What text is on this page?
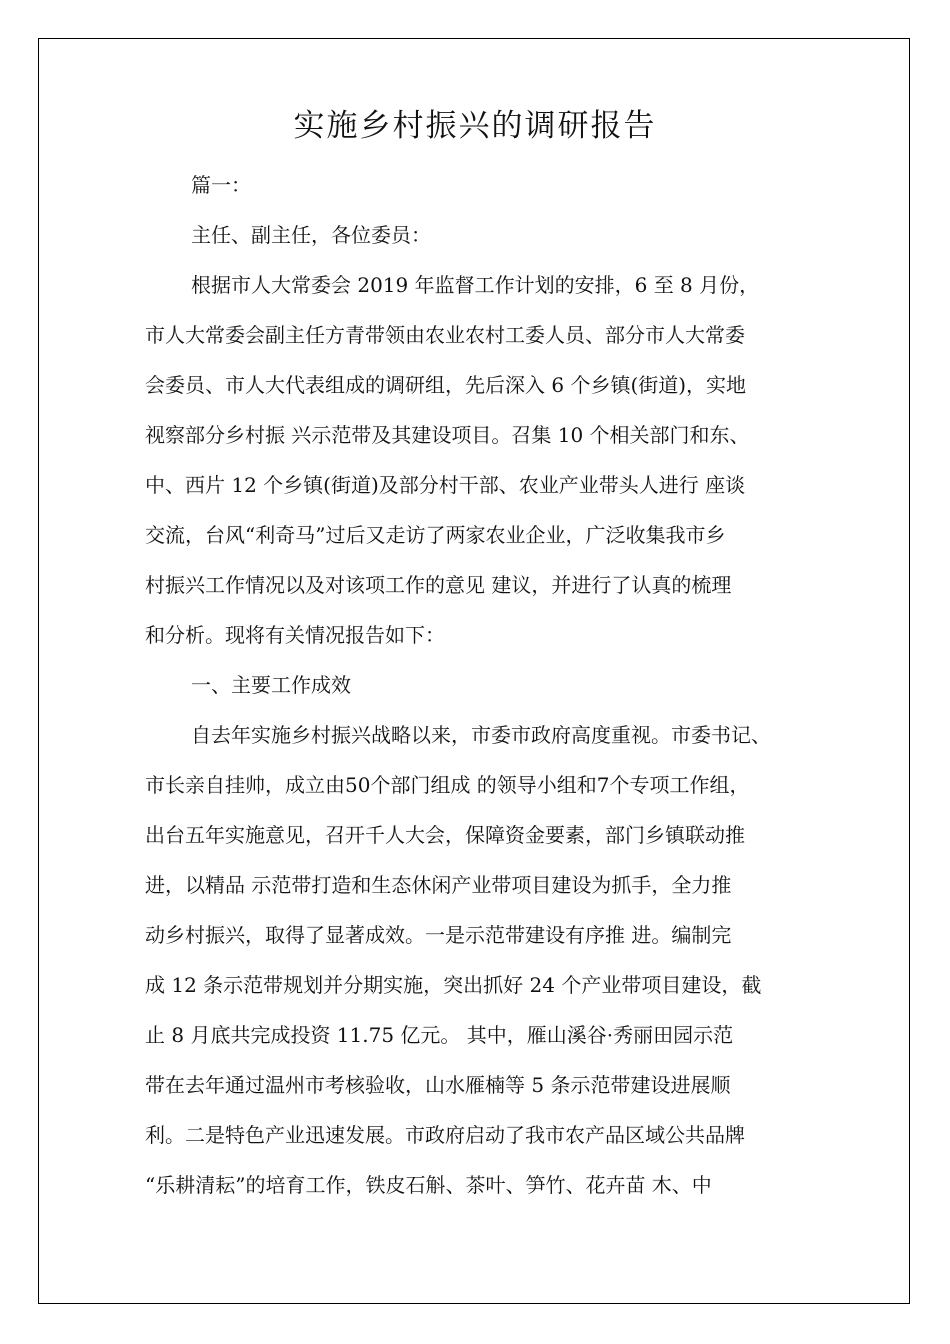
实施乡村振兴的调研报告
篇一：
主任、副主任，各位委员：
根据市人大常委会 2019 年监督工作计划的安排，6 至 8 月份，
市人大常委会副主任方青带领由农业农村工委人员、部分市人大常委
会委员、市人大代表组成的调研组，先后深入 6 个乡镇(街道)，实地
视察部分乡村振 兴示范带及其建设项目。召集 10 个相关部门和东、
中、西片 12 个乡镇(街道)及部分村干部、农业产业带头人进行 座谈
交流，台风“利奇马”过后又走访了两家农业企业，广泛收集我市乡
村振兴工作情况以及对该项工作的意见 建议，并进行了认真的梳理
和分析。现将有关情况报告如下：
一、主要工作成效
自去年实施乡村振兴战略以来，市委市政府高度重视。市委书记、
市长亲自挂帅，成立由50个部门组成 的领导小组和7个专项工作组，
出台五年实施意见，召开千人大会，保障资金要素，部门乡镇联动推
进，以精品 示范带打造和生态休闲产业带项目建设为抓手，全力推
动乡村振兴，取得了显著成效。一是示范带建设有序推 进。编制完
成 12 条示范带规划并分期实施，突出抓好 24 个产业带项目建设，截
止 8 月底共完成投资 11.75 亿元。 其中，雁山溪谷·秀丽田园示范
带在去年通过温州市考核验收，山水雁楠等 5 条示范带建设进展顺
利。二是特色产业迅速发展。市政府启动了我市农产品区域公共品牌
“乐耕清耘”的培育工作，铁皮石斛、茶叶、笋竹、花卉苗 木、中
